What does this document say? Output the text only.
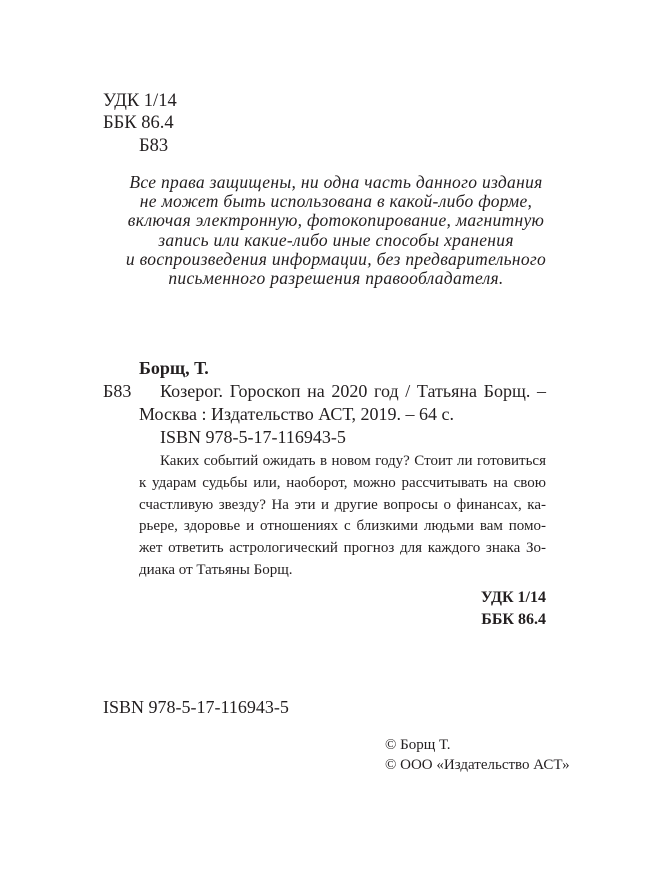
УДК 1/14
ББК 86.4
Б83
Все права защищены, ни одна часть данного издания
не может быть использована в какой-либо форме,
включая электронную, фотокопирование, магнитную
запись или какие-либо иные способы хранения
и воспроизведения информации, без предварительного
письменного разрешения правообладателя.
Борщ, Т.
Б83 Козерог. Гороскоп на 2020 год / Татьяна Борщ. –
Москва : Издательство АСТ, 2019. – 64 с.
ISBN 978-5-17-116943-5
Каких событий ожидать в новом году? Стоит ли готовиться
к ударам судьбы или, наоборот, можно рассчитывать на свою
счастливую звезду? На эти и другие вопросы о финансах, ка-
рьере, здоровье и отношениях с близкими людьми вам помо-
жет ответить астрологический прогноз для каждого знака Зо-
диака от Татьяны Борщ.
УДК 1/14
ББК 86.4
ISBN 978-5-17-116943-5
© Борщ Т.
© ООО «Издательство АСТ»
